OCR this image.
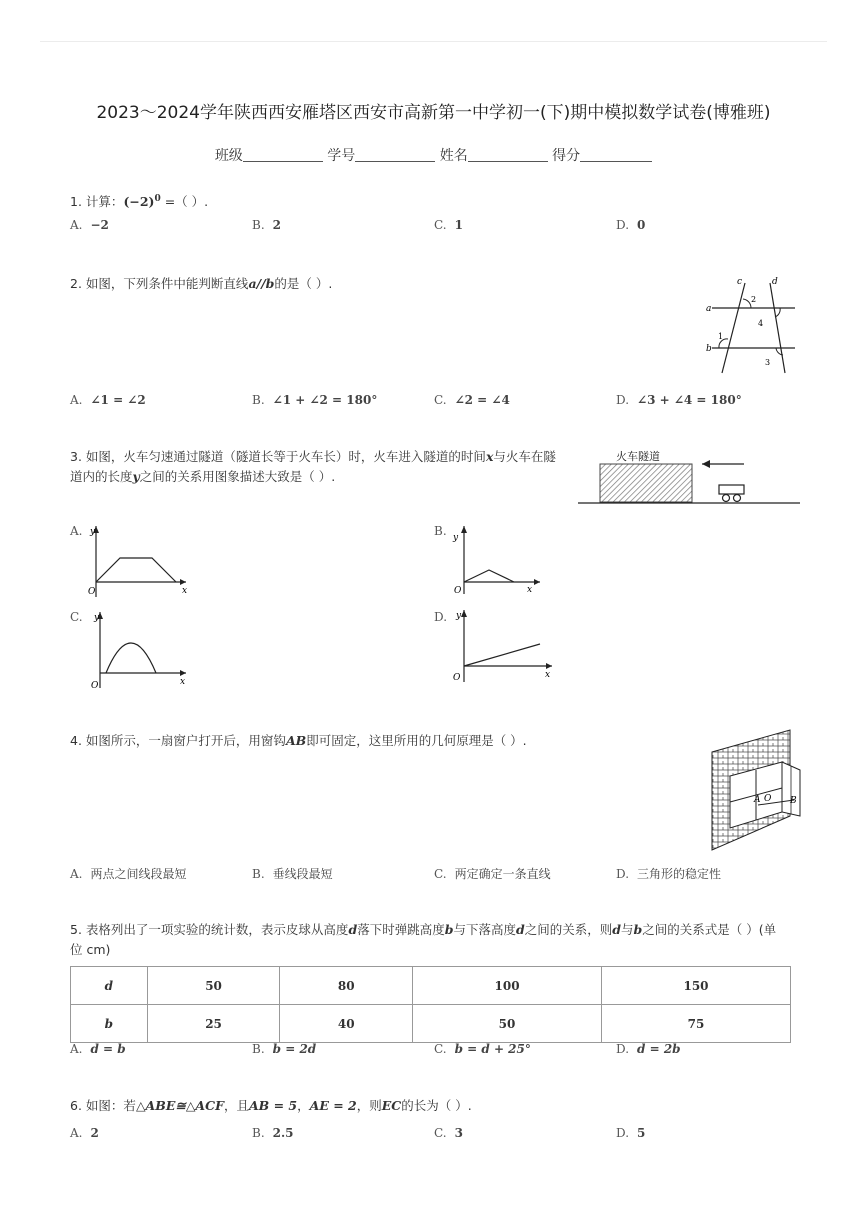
2023～2024学年陕西西安雁塔区西安市高新第一中学初一(下)期中模拟数学试卷(博雅班)
班级	学号	姓名	得分
1. 计算：$(-2)^0$ =（ ）.
A. −2	B. 2	C. 1	D. 0
2. 如图，下列条件中能判断直线a//b的是（ ）.	c	d
a
b
1
2
3
4
A. ∠1 = ∠2	B. ∠1 + ∠2 = 180°	C. ∠2 = ∠4	D. ∠3 + ∠4 = 180°
3. 如图，火车匀速通过隧道（隧道长等于火车长）时，火车进入隧道的时间x与火车在隧
道内的长度y之间的关系用图象描述大致是（ ）.
火车隧道
A. y
x
O
B. y
x
O
C.	y
x
O
D. y
x
O
4. 如图所示，一扇窗户打开后，用窗钩AB即可固定，这里所用的几何原理是（ ）.
A O B
A. 两点之间线段最短	B. 垂线段最短	C. 两定确定一条直线	D. 三角形的稳定性
5. 表格列出了一项实验的统计数，表示皮球从高度d落下时弹跳高度b与下落高度d之间的关系，则d与b之间的关系式是（ ）(单
位 cm)
d	50	80	100	150
b	25	40	50	75
A. d = b	B. b = 2d	C. b = d + 25°	D. d = 2b
6. 如图：若△ABE≅△ACF，且AB = 5，AE = 2，则EC的长为（ ）.
A. 2	B. 2.5	C. 3	D. 5
